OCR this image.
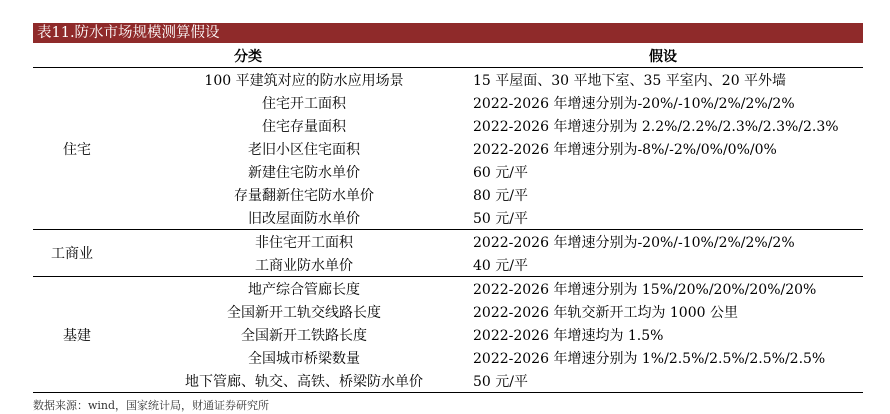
表11.防水市场规模测算假设
分类		假设
住宅	100 平建筑对应的防水应用场景	15 平屋面、30 平地下室、35 平室内、20 平外墙
	住宅开工面积	2022-2026 年增速分别为-20%/-10%/2%/2%/2%
	住宅存量面积	2022-2026 年增速分别为 2.2%/2.2%/2.3%/2.3%/2.3%
	老旧小区住宅面积	2022-2026 年增速分别为-8%/-2%/0%/0%/0%
	新建住宅防水单价	60 元/平
	存量翻新住宅防水单价	80 元/平
	旧改屋面防水单价	50 元/平
工商业	非住宅开工面积	2022-2026 年增速分别为-20%/-10%/2%/2%/2%
	工商业防水单价	40 元/平
基建	地产综合管廊长度	2022-2026 年增速分别为 15%/20%/20%/20%/20%
	全国新开工轨交线路长度	2022-2026 年轨交新开工均为 1000 公里
	全国新开工铁路长度	2022-2026 年增速均为 1.5%
	全国城市桥梁数量	2022-2026 年增速分别为 1%/2.5%/2.5%/2.5%/2.5%
	地下管廊、轨交、高铁、桥梁防水单价	50 元/平
数据来源：wind，国家统计局，财通证券研究所
